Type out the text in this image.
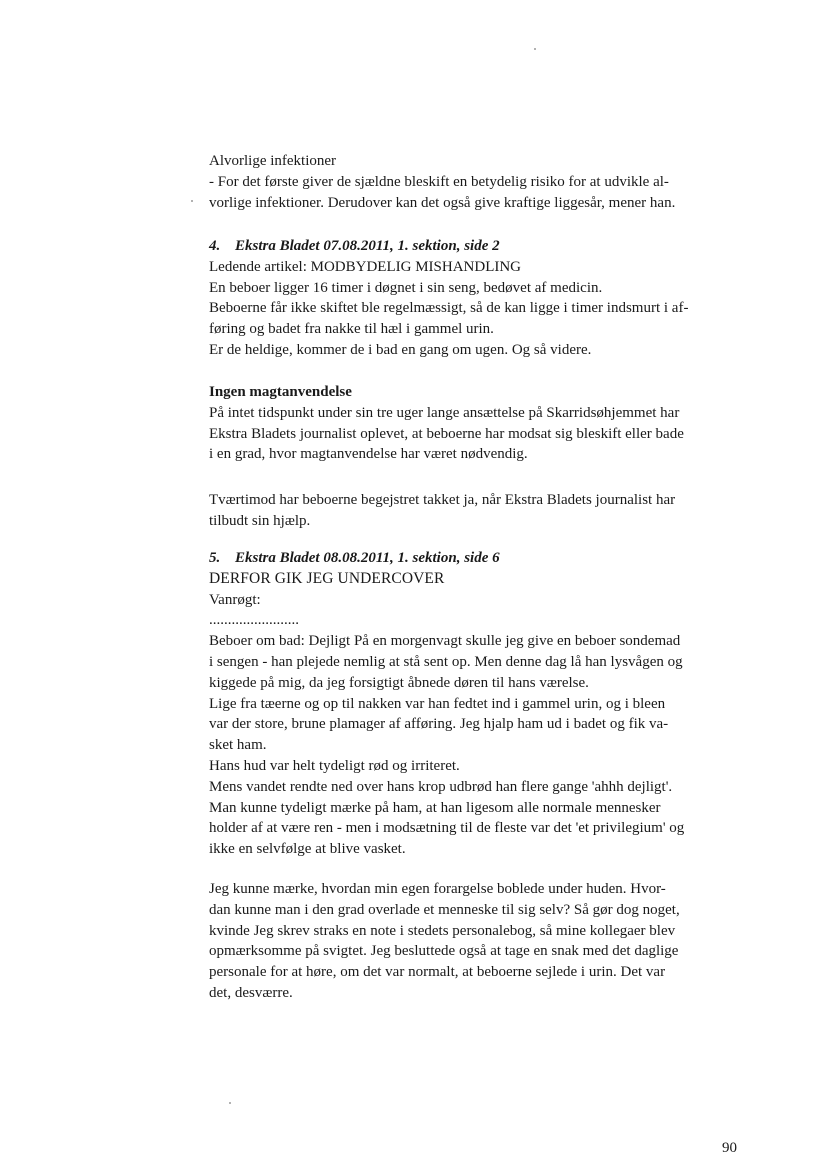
Alvorlige infektioner
- For det første giver de sjældne bleskift en betydelig risiko for at udvikle al-
vorlige infektioner. Derudover kan det også give kraftige liggesår, mener han.
4. Ekstra Bladet 07.08.2011, 1. sektion, side 2
Ledende artikel: MODBYDELIG MISHANDLING
En beboer ligger 16 timer i døgnet i sin seng, bedøvet af medicin.
Beboerne får ikke skiftet ble regelmæssigt, så de kan ligge i timer indsmurt i af-
føring og badet fra nakke til hæl i gammel urin.
Er de heldige, kommer de i bad en gang om ugen. Og så videre.
Ingen magtanvendelse
På intet tidspunkt under sin tre uger lange ansættelse på Skarridsøhjemmet har
Ekstra Bladets journalist oplevet, at beboerne har modsat sig bleskift eller bade
i en grad, hvor magtanvendelse har været nødvendig.
Tværtimod har beboerne begejstret takket ja, når Ekstra Bladets journalist har
tilbudt sin hjælp.
5. Ekstra Bladet 08.08.2011, 1. sektion, side 6
DERFOR GIK JEG UNDERCOVER
Vanrøgt:
........................
Beboer om bad: Dejligt På en morgenvagt skulle jeg give en beboer sondemad
i sengen - han plejede nemlig at stå sent op. Men denne dag lå han lysvågen og
kiggede på mig, da jeg forsigtigt åbnede døren til hans værelse.
Lige fra tæerne og op til nakken var han fedtet ind i gammel urin, og i bleen
var der store, brune plamager af afføring. Jeg hjalp ham ud i badet og fik va-
sket ham.
Hans hud var helt tydeligt rød og irriteret.
Mens vandet rendte ned over hans krop udbrød han flere gange 'ahhh dejligt'.
Man kunne tydeligt mærke på ham, at han ligesom alle normale mennesker
holder af at være ren - men i modsætning til de fleste var det 'et privilegium' og
ikke en selvfølge at blive vasket.
Jeg kunne mærke, hvordan min egen forargelse boblede under huden. Hvor-
dan kunne man i den grad overlade et menneske til sig selv? Så gør dog noget,
kvinde Jeg skrev straks en note i stedets personalebog, så mine kollegaer blev
opmærksomme på svigtet. Jeg besluttede også at tage en snak med det daglige
personale for at høre, om det var normalt, at beboerne sejlede i urin. Det var
det, desværre.
90
